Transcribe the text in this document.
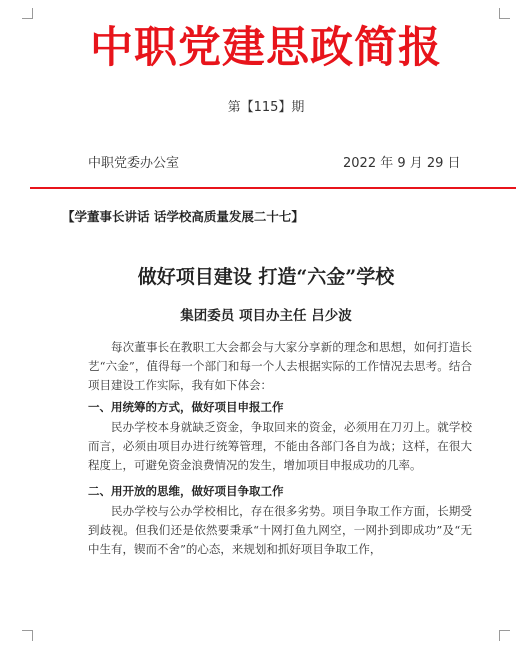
中职党建思政简报
第【115】期
中职党委办公室	2022 年 9 月 29 日
【学董事长讲话 话学校高质量发展二十七】
做好项目建设 打造“六金”学校
集团委员 项目办主任 吕少波

每次董事长在教职工大会都会与大家分享新的理念和思想，如何打造长艺“六金”，值得每一个部门和每一个人去根据实际的工作情况去思考。结合项目建设工作实际，我有如下体会：

一、用统筹的方式，做好项目申报工作

民办学校本身就缺乏资金，争取回来的资金，必须用在刀刃上。就学校而言，必须由项目办进行统筹管理，不能由各部门各自为战；这样，在很大程度上，可避免资金浪费情况的发生，增加项目申报成功的几率。

二、用开放的思维，做好项目争取工作

民办学校与公办学校相比，存在很多劣势。项目争取工作方面，长期受到歧视。但我们还是依然要秉承“十网打鱼九网空，一网扑到即成功”及“无中生有，锲而不舍”的心态，来规划和抓好项目争取工作，
